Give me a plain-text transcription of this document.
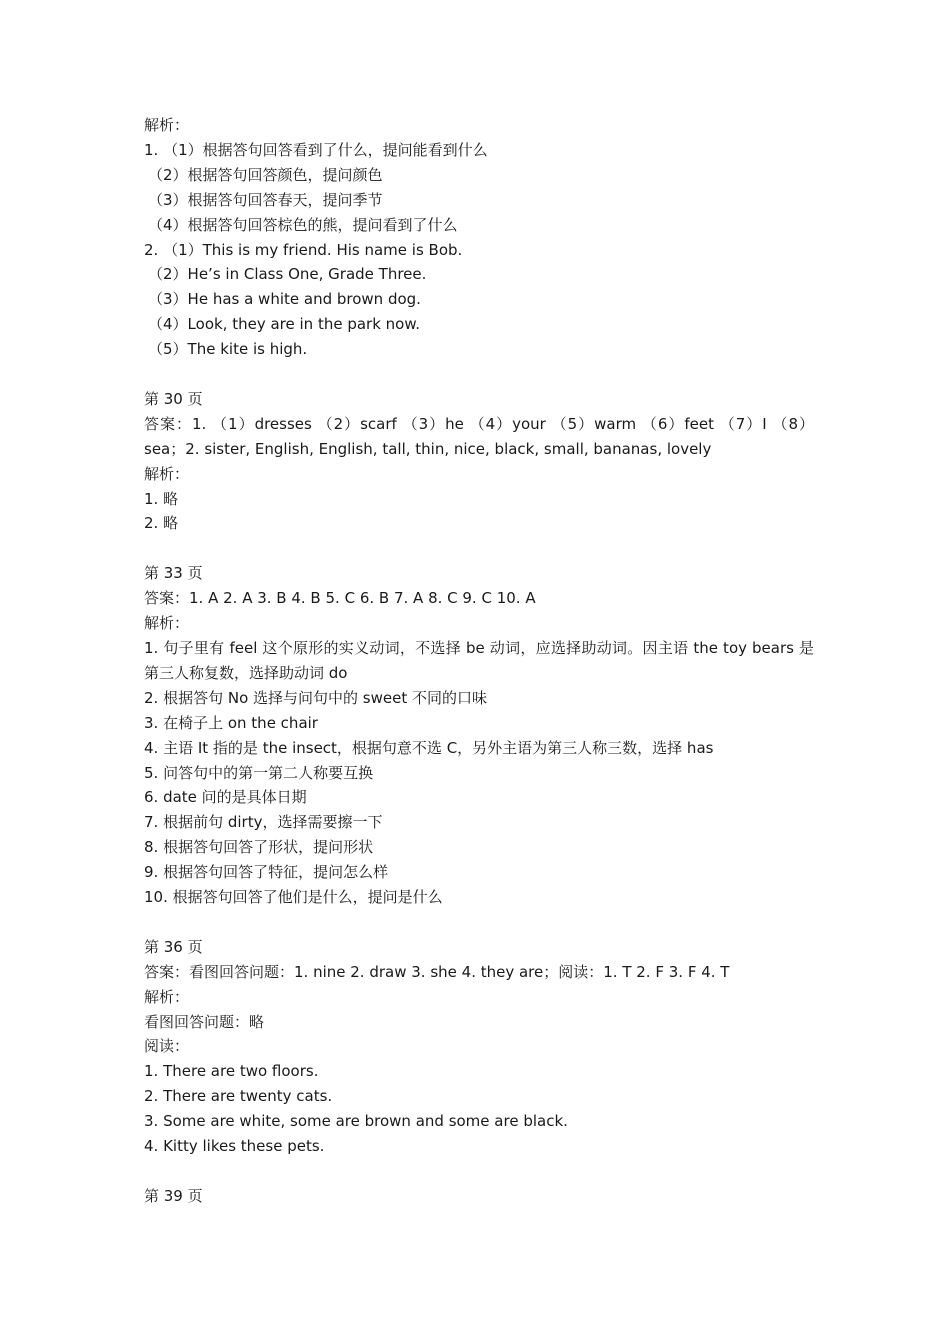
解析：

1. （1）根据答句回答看到了什么，提问能看到什么

（2）根据答句回答颜色，提问颜色

（3）根据答句回答春天，提问季节

（4）根据答句回答棕色的熊，提问看到了什么

2. （1）This is my friend. His name is Bob.

（2）He’s in Class One, Grade Three.

（3）He has a white and brown dog.

（4）Look, they are in the park now.

（5）The kite is high.

第 30 页

答案：1. （1）dresses （2）scarf （3）he （4）your （5）warm （6）feet （7）I （8）sea；2. sister, English, English, tall, thin, nice, black, small, bananas, lovely

解析：

1. 略

2. 略

第 33 页

答案：1. A 2. A 3. B 4. B 5. C 6. B 7. A 8. C 9. C 10. A

解析：

1. 句子里有 feel 这个原形的实义动词，不选择 be 动词，应选择助动词。因主语 the toy bears 是第三人称复数，选择助动词 do

2. 根据答句 No 选择与问句中的 sweet 不同的口味

3. 在椅子上 on the chair

4. 主语 It 指的是 the insect，根据句意不选 C，另外主语为第三人称三数，选择 has

5. 问答句中的第一第二人称要互换

6. date 问的是具体日期

7. 根据前句 dirty，选择需要擦一下

8. 根据答句回答了形状，提问形状

9. 根据答句回答了特征，提问怎么样

10. 根据答句回答了他们是什么，提问是什么

第 36 页

答案：看图回答问题：1. nine 2. draw 3. she 4. they are；阅读：1. T 2. F 3. F 4. T

解析：

看图回答问题：略

阅读：

1. There are two floors.

2. There are twenty cats.

3. Some are white, some are brown and some are black.

4. Kitty likes these pets.

第 39 页
